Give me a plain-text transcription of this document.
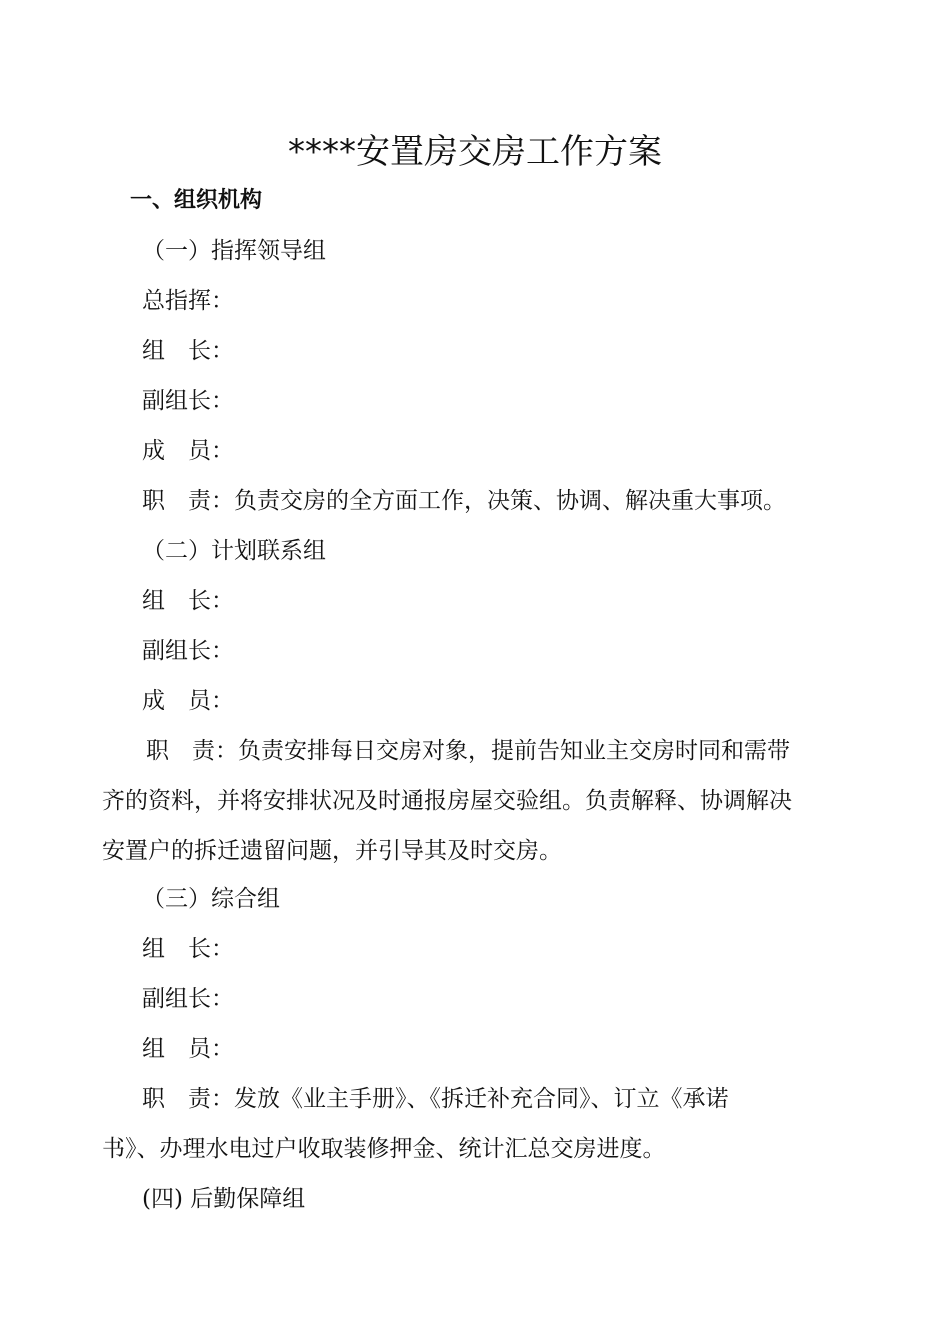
****安置房交房工作方案

一、组织机构

（一）指挥领导组

总指挥：

组　长：

副组长：

成　员：

职　责：负责交房的全方面工作，决策、协调、解决重大事项。

（二）计划联系组

组　长：

副组长：

成　员：

职　责：负责安排每日交房对象，提前告知业主交房时同和需带

齐的资料，并将安排状况及时通报房屋交验组。负责解释、协调解决

安置户的拆迁遗留问题，并引导其及时交房。

（三）综合组

组　长：

副组长：

组　员：

职　责：发放《业主手册》、《拆迁补充合同》、订立《承诺

书》、办理水电过户收取装修押金、统计汇总交房进度。

(四) 后勤保障组
